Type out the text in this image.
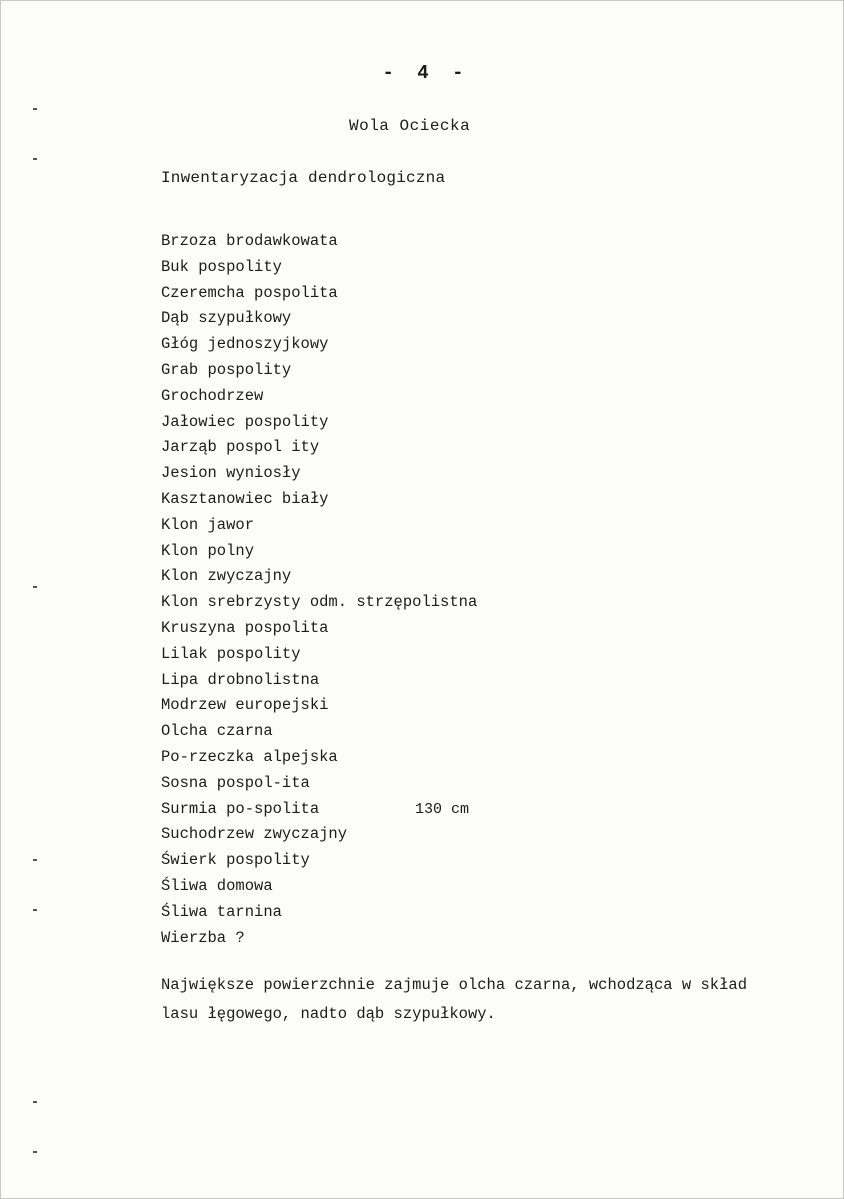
- 4 -
Wola Ociecka
Inwentaryzacja dendrologiczna
Brzoza brodawkowata
Buk pospolity
Czeremcha pospolita
Dąb szypułkowy
Głóg jednoszyjkowy
Grab pospolity
Grochodrzew
Jałowiec pospolity
Jarząb pospol ity
Jesion wyniosły
Kasztanowiec biały
Klon jawor
Klon polny
Klon zwyczajny
Klon srebrzysty odm. strzępolistna
Kruszyna pospolita
Lilak pospolity
Lipa drobnolistna
Modrzew europejski
Olcha czarna
Po-rzeczka alpejska
Sosna pospol-ita
Surmia po-spolita	130 cm
Suchodrzew zwyczajny
Świerk pospolity
Śliwa domowa
Śliwa tarnina
Wierzba ?
Największe powierzchnie zajmuje olcha czarna, wchodząca w skład
lasu łęgowego, nadto dąb szypułkowy.
